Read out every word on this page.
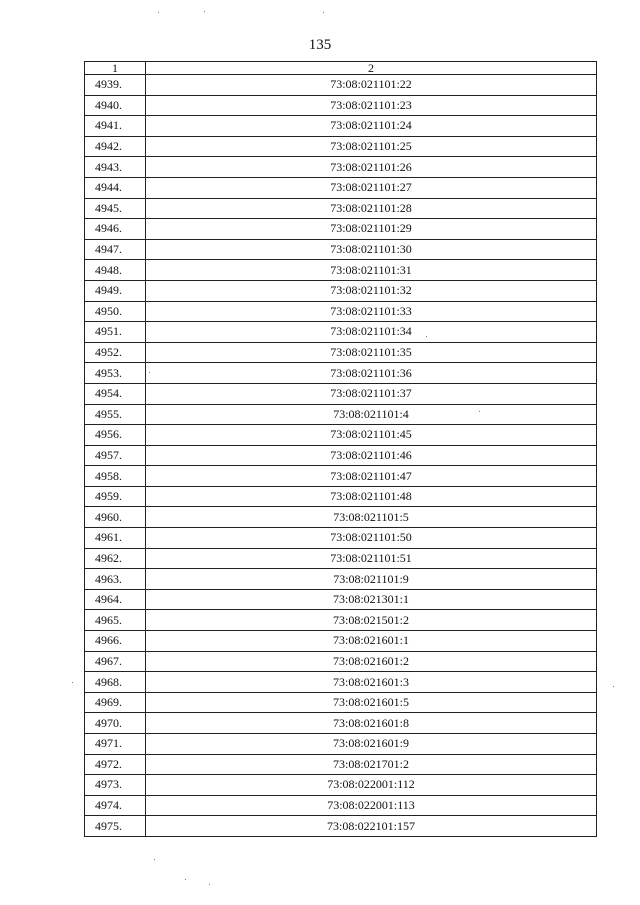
135
1	2
4939.	73:08:021101:22
4940.	73:08:021101:23
4941.	73:08:021101:24
4942.	73:08:021101:25
4943.	73:08:021101:26
4944.	73:08:021101:27
4945.	73:08:021101:28
4946.	73:08:021101:29
4947.	73:08:021101:30
4948.	73:08:021101:31
4949.	73:08:021101:32
4950.	73:08:021101:33
4951.	73:08:021101:34
4952.	73:08:021101:35
4953.	73:08:021101:36
4954.	73:08:021101:37
4955.	73:08:021101:4
4956.	73:08:021101:45
4957.	73:08:021101:46
4958.	73:08:021101:47
4959.	73:08:021101:48
4960.	73:08:021101:5
4961.	73:08:021101:50
4962.	73:08:021101:51
4963.	73:08:021101:9
4964.	73:08:021301:1
4965.	73:08:021501:2
4966.	73:08:021601:1
4967.	73:08:021601:2
4968.	73:08:021601:3
4969.	73:08:021601:5
4970.	73:08:021601:8
4971.	73:08:021601:9
4972.	73:08:021701:2
4973.	73:08:022001:112
4974.	73:08:022001:113
4975.	73:08:022101:157
